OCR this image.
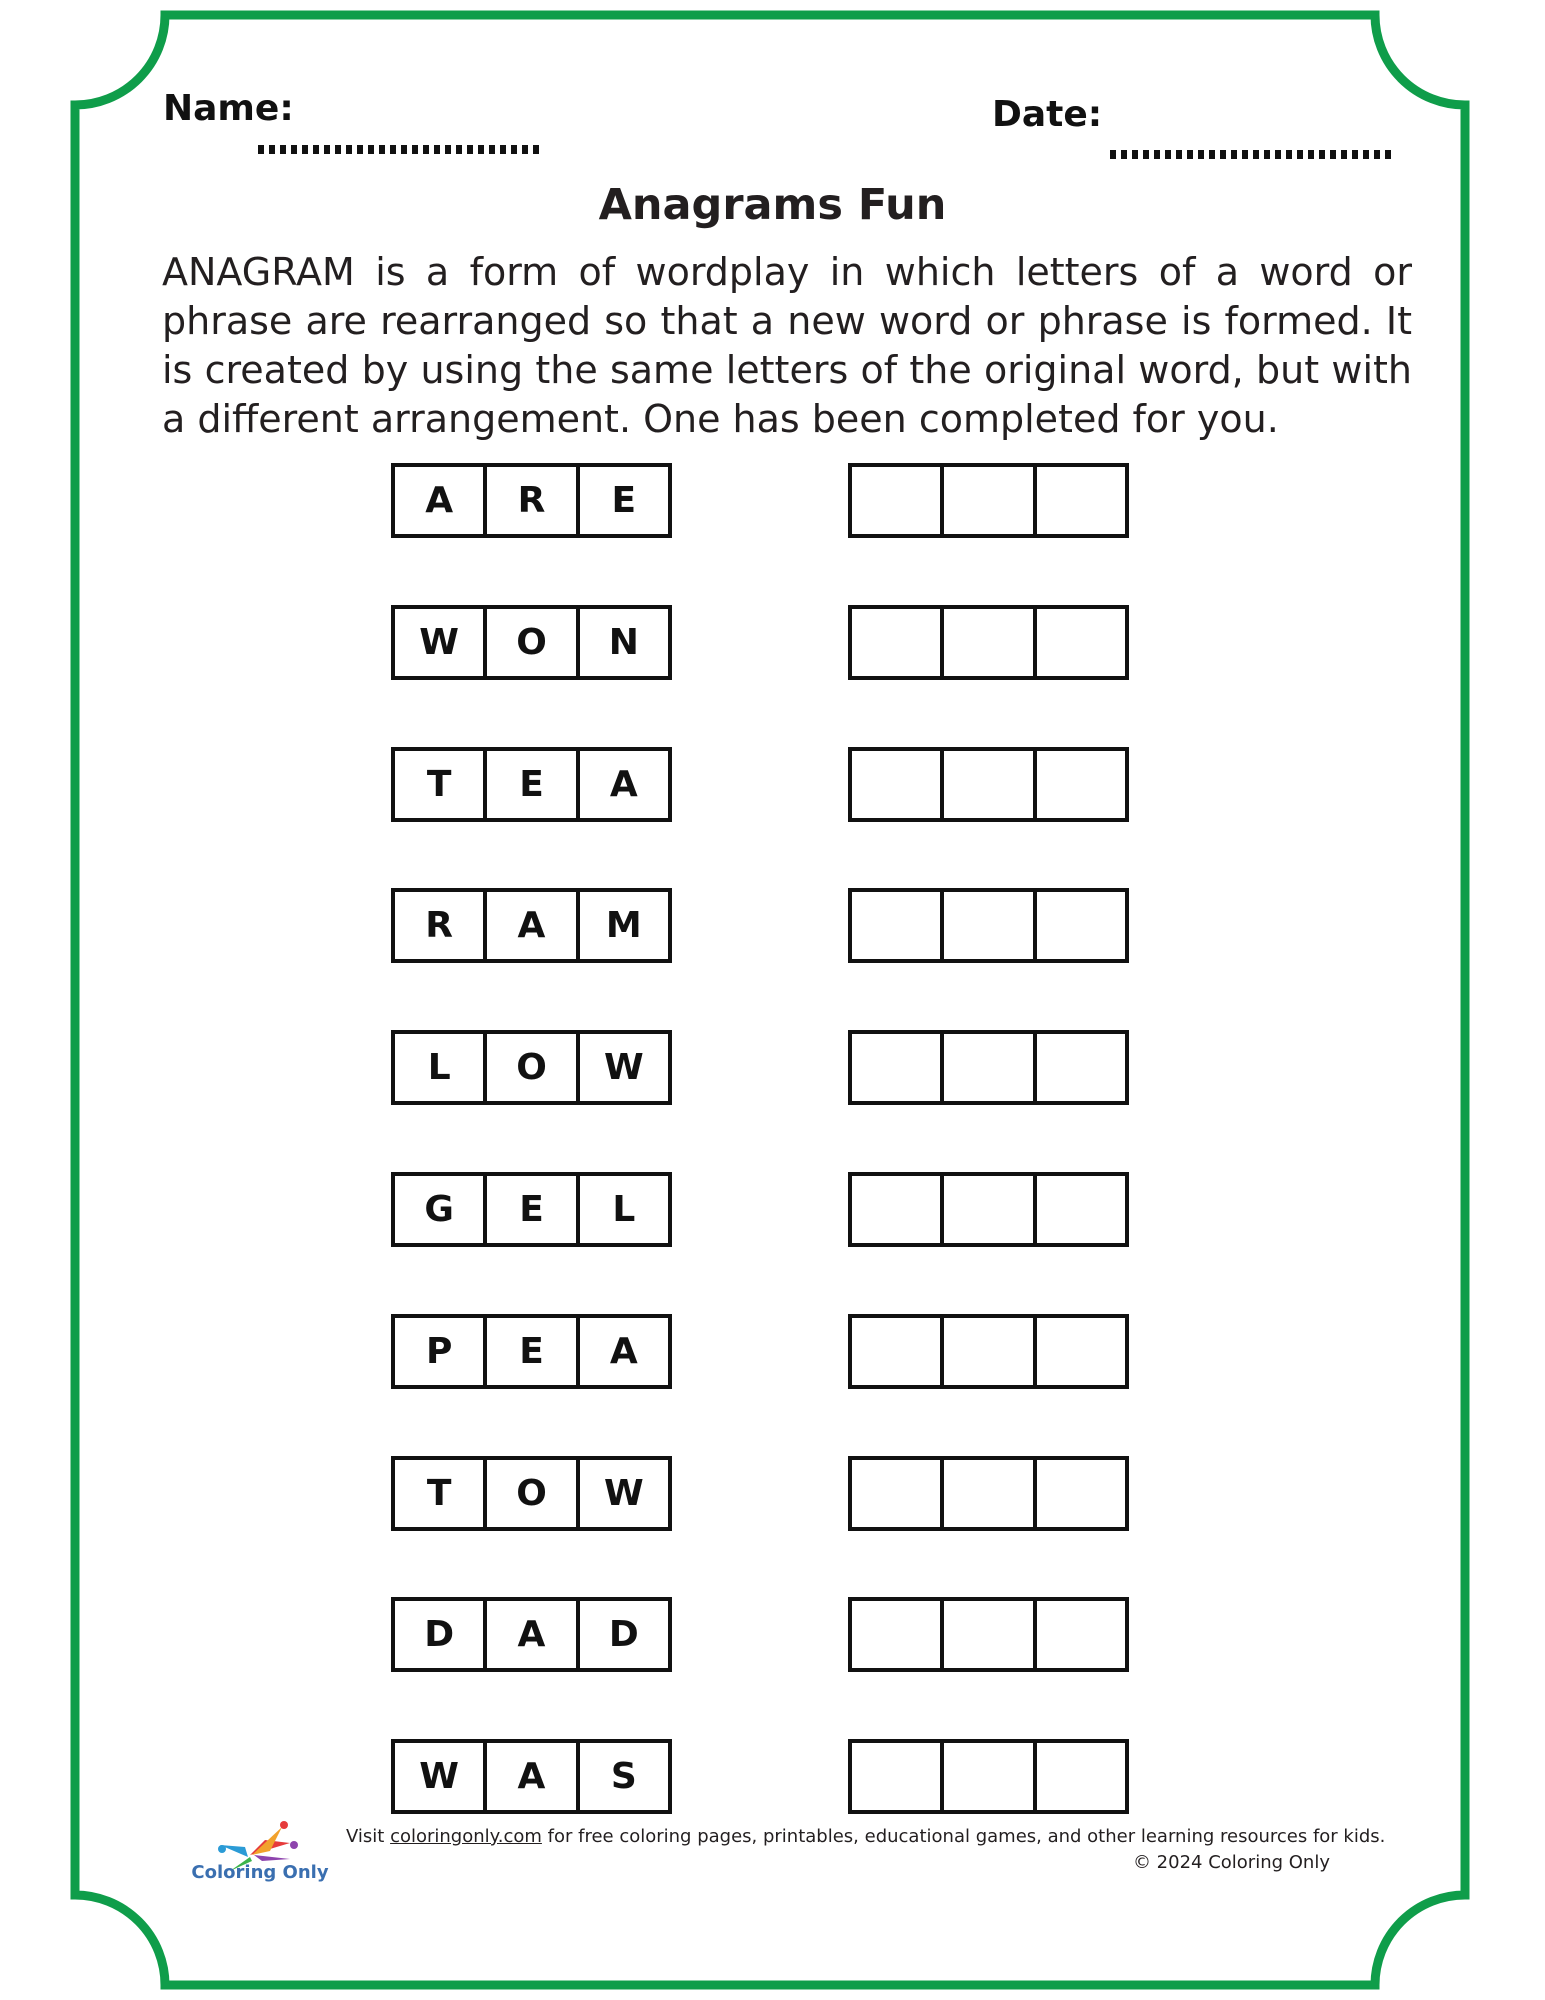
Name:	Date:
Anagrams Fun
ANAGRAM is a form of wordplay in which letters of a word or phrase are rearranged so that a new word or phrase is formed. It is created by using the same letters of the original word, but with a different arrangement. One has been completed for you.
A	R	E
W	O	N
T	E	A
R	A	M
L	O	W
G	E	L
P	E	A
T	O	W
D	A	D
W	A	S
Coloring Only
Visit coloringonly.com for free coloring pages, printables, educational games, and other learning resources for kids.
© 2024 Coloring Only
